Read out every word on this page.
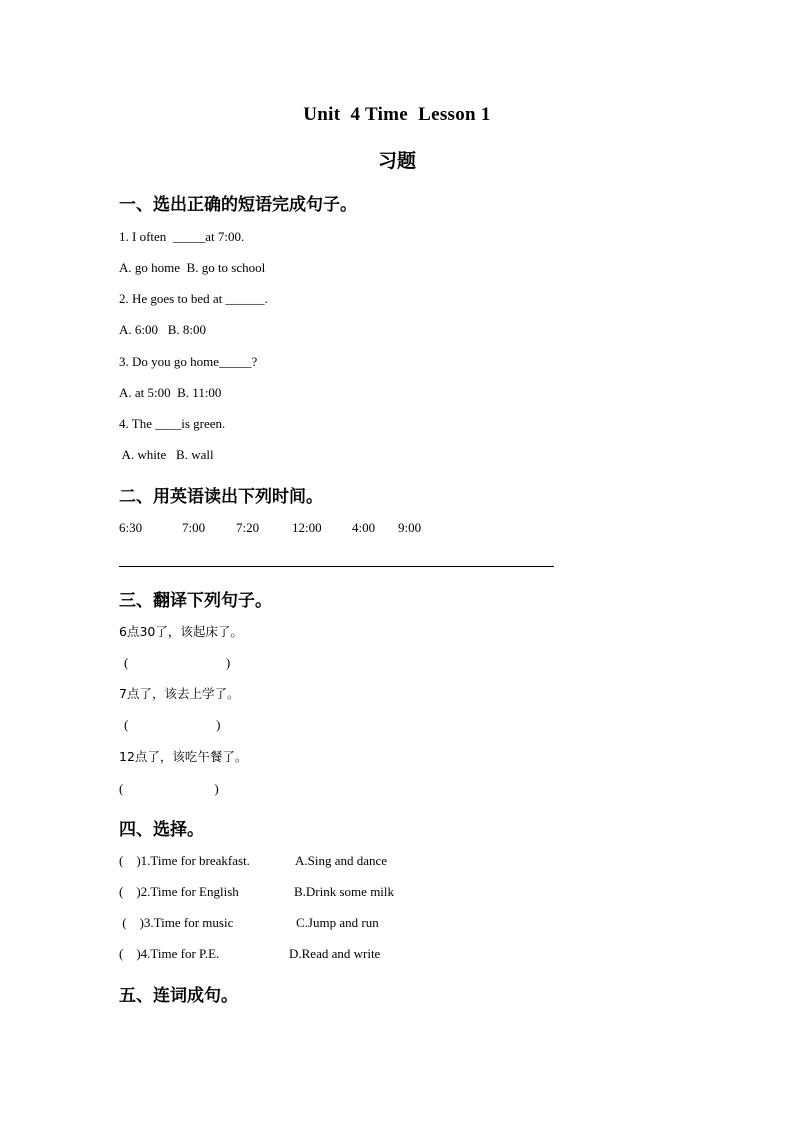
Unit  4 Time  Lesson 1
习题
一、选出正确的短语完成句子。
1. I often  _____at 7:00.
A. go home  B. go to school
2. He goes to bed at ______.
A. 6:00   B. 8:00
3. Do you go home_____?
A. at 5:00  B. 11:00
4. The ____is green.
A. white   B. wall
二、用英语读出下列时间。
6:30	7:00 7:20	12:00 4:00 9:00
三、翻译下列句子。
6点30了，该起床了。
(                              )
7点了，该去上学了。
(                           )
12点了，该吃午餐了。
(                            )
四、选择。
(    )1.Time for breakfast.	A.Sing and dance
(    )2.Time for English	B.Drink some milk
(    )3.Time for music	C.Jump and run
(    )4.Time for P.E.	D.Read and write
五、连词成句。
